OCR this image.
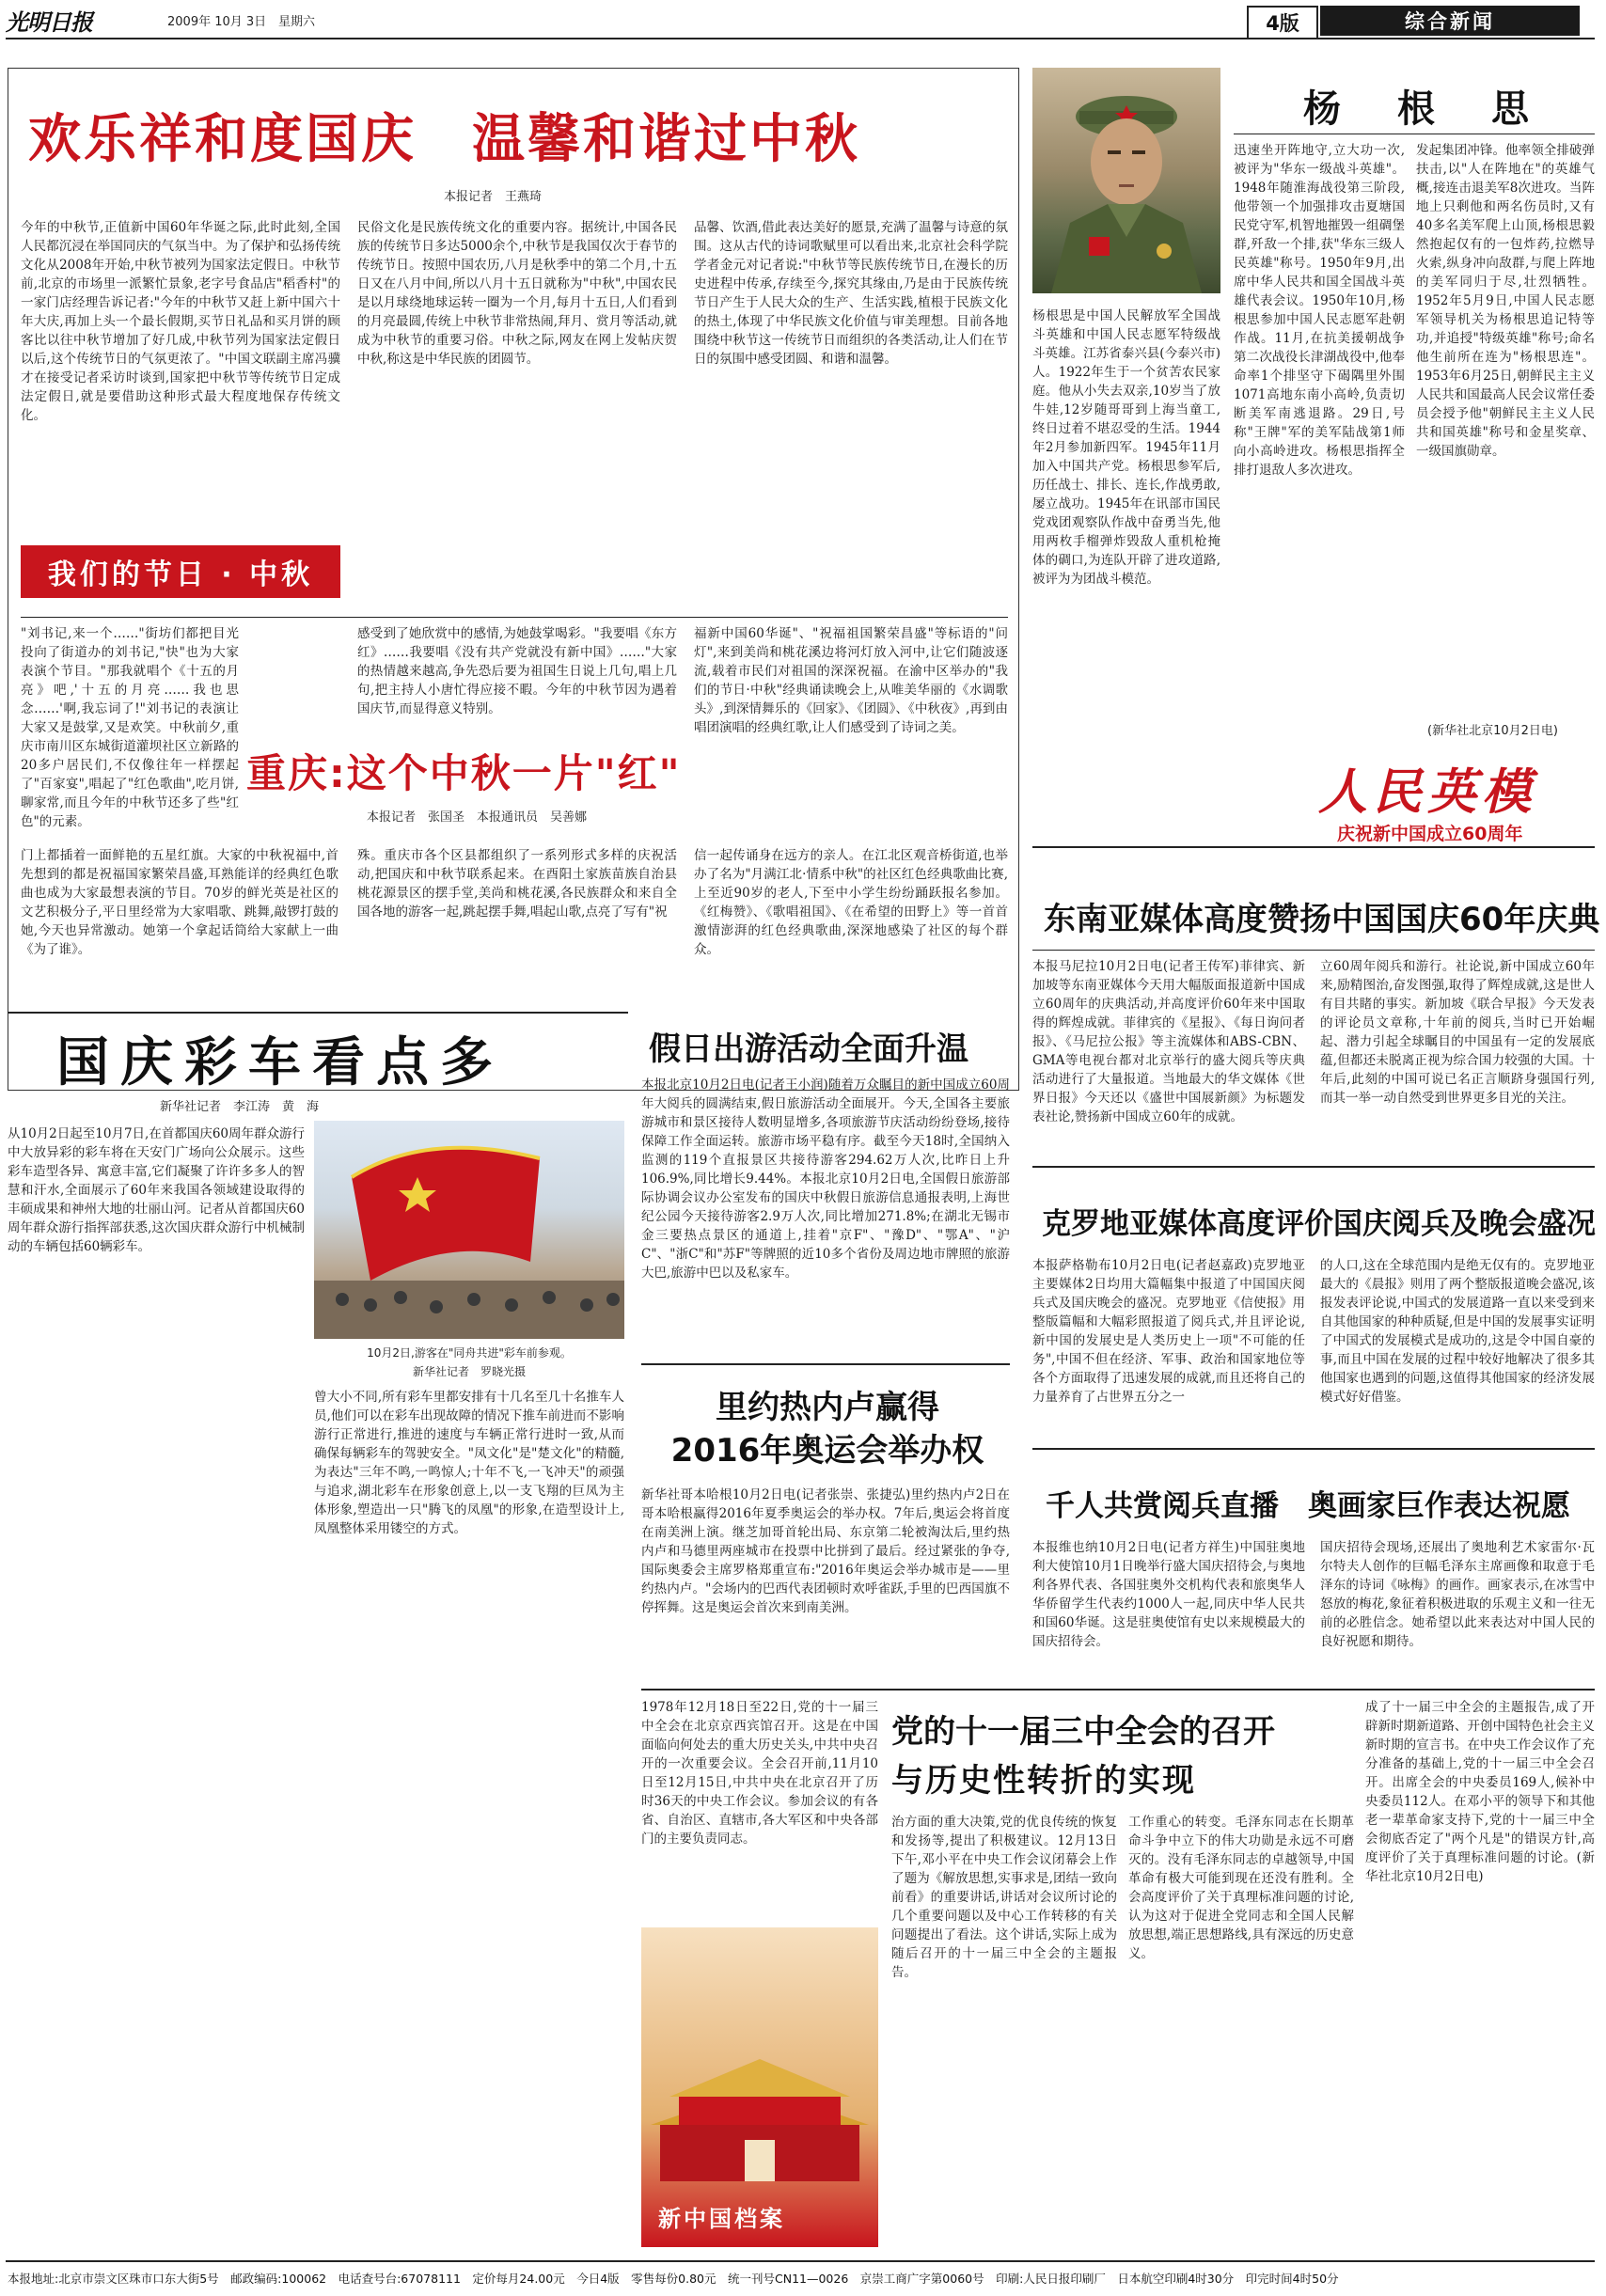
光明日报	2009年 10月 3日 星期六	4版	综合新闻
欢乐祥和度国庆　温馨和谐过中秋
本报记者　王燕琦
今年的中秋节,正值新中国60年华诞之际,此时此刻,全国人民都沉浸在举国同庆的气氛当中。为了保护和弘扬传统文化从2008年开始,中秋节被列为国家法定假日。中秋节前,北京的市场里一派繁忙景象,老字号食品店"稻香村"的一家门店经理告诉记者:"今年的中秋节又赶上新中国六十年大庆,再加上头一个最长假期,买节日礼品和买月饼的顾客比以往中秋节增加了好几成,中秋节列为国家法定假日以后,这个传统节日的气氛更浓了。"中国文联副主席冯骥才在接受记者采访时谈到,国家把中秋节等传统节日定成法定假日,就是要借助这种形式最大程度地保存传统文化。
民俗文化是民族传统文化的重要内容。据统计,中国各民族的传统节日多达5000余个,中秋节是我国仅次于春节的传统节日。按照中国农历,八月是秋季中的第二个月,十五日又在八月中间,所以八月十五日就称为"中秋",中国农民是以月球绕地球运转一圈为一个月,每月十五日,人们看到的月亮最圆,传统上中秋节非常热闹,拜月、赏月等活动,就成为中秋节的重要习俗。中秋之际,网友在网上发帖庆贺中秋,称这是中华民族的团圆节。
品馨、饮酒,借此表达美好的愿景,充满了温馨与诗意的氛围。这从古代的诗词歌赋里可以看出来,北京社会科学院学者金元对记者说:"中秋节等民族传统节日,在漫长的历史进程中传承,存续至今,探究其缘由,乃是由于民族传统节日产生于人民大众的生产、生活实践,植根于民族文化的热土,体现了中华民族文化价值与审美理想。目前各地围绕中秋节这一传统节日而组织的各类活动,让人们在节日的氛围中感受团圆、和谐和温馨。
我们的节日 · 中秋
"刘书记,来一个……"街坊们都把目光投向了街道办的刘书记,"快"也为大家表演个节目。"那我就唱个《十五的月亮》吧,'十五的月亮……我也思念……'啊,我忘词了!"刘书记的表演让大家又是鼓掌,又是欢笑。中秋前夕,重庆市南川区东城街道灌坝社区立新路的20多户居民们,不仅像往年一样摆起了"百家宴",唱起了"红色歌曲",吃月饼,聊家常,而且今年的中秋节还多了些"红色"的元素。
感受到了她欣赏中的感情,为她鼓掌喝彩。"我要唱《东方红》……我要唱《没有共产党就没有新中国》……"大家的热情越来越高,争先恐后要为祖国生日说上几句,唱上几句,把主持人小唐忙得应接不暇。今年的中秋节因为遇着国庆节,而显得意义特别。
福新中国60华诞"、"祝福祖国繁荣昌盛"等标语的"问灯",来到美尚和桃花溪边将河灯放入河中,让它们随波逐流,载着市民们对祖国的深深祝福。在渝中区举办的"我们的节日·中秋"经典诵读晚会上,从唯美华丽的《水调歌头》,到深情舞乐的《回家》、《团圆》、《中秋夜》,再到由唱团演唱的经典红歌,让人们感受到了诗词之美。
重庆:这个中秋一片"红"
本报记者　张国圣　本报通讯员　吴善娜
门上都插着一面鲜艳的五星红旗。大家的中秋祝福中,首先想到的都是祝福国家繁荣昌盛,耳熟能详的经典红色歌曲也成为大家最想表演的节目。70岁的鲜光英是社区的文艺积极分子,平日里经常为大家唱歌、跳舞,敲锣打鼓的她,今天也异常激动。她第一个拿起话筒给大家献上一曲《为了谁》。
殊。重庆市各个区县都组织了一系列形式多样的庆祝活动,把国庆和中秋节联系起来。在酉阳土家族苗族自治县桃花源景区的摆手堂,美尚和桃花溪,各民族群众和来自全国各地的游客一起,跳起摆手舞,唱起山歌,点亮了写有"祝
信一起传诵身在远方的亲人。在江北区观音桥街道,也举办了名为"月满江北·情系中秋"的社区红色经典歌曲比赛,上至近90岁的老人,下至中小学生纷纷踊跃报名参加。《红梅赞》、《歌唱祖国》、《在希望的田野上》等一首首激情澎湃的红色经典歌曲,深深地感染了社区的每个群众。
杨　根　思
迅速坐开阵地守,立大功一次,被评为"华东一级战斗英雄"。1948年随淮海战役第三阶段,他带领一个加强排攻击夏塘国民党守军,机智地摧毁一组碉堡群,歼敌一个排,获"华东三级人民英雄"称号。1950年9月,出席中华人民共和国全国战斗英雄代表会议。1950年10月,杨根思参加中国人民志愿军赴朝作战。11月,在抗美援朝战争第二次战役长津湖战役中,他奉命率1个排坚守下碣隅里外围1071高地东南小高岭,负责切断美军南逃退路。29日,号称"王牌"军的美军陆战第1师向小高岭进攻。杨根思指挥全排打退敌人多次进攻。
发起集团冲锋。他率领全排破弹扶击,以"人在阵地在"的英雄气概,接连击退美军8次进攻。当阵地上只剩他和两名伤员时,又有40多名美军爬上山顶,杨根思毅然抱起仅有的一包炸药,拉燃导火索,纵身冲向敌群,与爬上阵地的美军同归于尽,壮烈牺牲。1952年5月9日,中国人民志愿军领导机关为杨根思追记特等功,并追授"特级英雄"称号;命名他生前所在连为"杨根思连"。1953年6月25日,朝鲜民主主义人民共和国最高人民会议常任委员会授予他"朝鲜民主主义人民共和国英雄"称号和金星奖章、一级国旗勋章。
杨根思是中国人民解放军全国战斗英雄和中国人民志愿军特级战斗英雄。江苏省泰兴县(今泰兴市)人。1922年生于一个贫苦农民家庭。他从小失去双亲,10岁当了放牛娃,12岁随哥哥到上海当童工,终日过着不堪忍受的生活。1944年2月参加新四军。1945年11月加入中国共产党。杨根思参军后,历任战士、排长、连长,作战勇敢,屡立战功。1945年在讯部市国民党戏团观察队作战中奋勇当先,他用两枚手榴弹炸毁敌人重机枪掩体的碉口,为连队开辟了进攻道路,被评为为团战斗模范。
(新华社北京10月2日电)
人民英模
庆祝新中国成立60周年
东南亚媒体高度赞扬中国国庆60年庆典
本报马尼拉10月2日电(记者王传军)菲律宾、新加坡等东南亚媒体今天用大幅版面报道新中国成立60周年的庆典活动,并高度评价60年来中国取得的辉煌成就。菲律宾的《星报》、《每日询问者报》、《马尼拉公报》等主流媒体和ABS-CBN、GMA等电视台都对北京举行的盛大阅兵等庆典活动进行了大量报道。当地最大的华文媒体《世界日报》今天还以《盛世中国展新颜》为标题发表社论,赞扬新中国成立60年的成就。
立60周年阅兵和游行。社论说,新中国成立60年来,励精图治,奋发图强,取得了辉煌成就,这是世人有目共睹的事实。新加坡《联合早报》今天发表的评论员文章称,十年前的阅兵,当时已开始崛起、潜力引起全球瞩目的中国虽有一定的发展底蕴,但都还未脱离正视为综合国力较强的大国。十年后,此刻的中国可说已名正言顺跻身强国行列,而其一举一动自然受到世界更多目光的关注。
克罗地亚媒体高度评价国庆阅兵及晚会盛况
本报萨格勒布10月2日电(记者赵嘉政)克罗地亚主要媒体2日均用大篇幅集中报道了中国国庆阅兵式及国庆晚会的盛况。克罗地亚《信使报》用整版篇幅和大幅彩照报道了阅兵式,并且评论说,新中国的发展史是人类历史上一项"不可能的任务",中国不但在经济、军事、政治和国家地位等各个方面取得了迅速发展的成就,而且还将自己的力量养育了占世界五分之一
的人口,这在全球范围内是绝无仅有的。克罗地亚最大的《晨报》则用了两个整版报道晚会盛况,该报发表评论说,中国式的发展道路一直以来受到来自其他国家的种种质疑,但是中国的发展事实证明了中国式的发展模式是成功的,这是令中国自豪的事,而且中国在发展的过程中较好地解决了很多其他国家也遇到的问题,这值得其他国家的经济发展模式好好借鉴。
千人共赏阅兵直播　奥画家巨作表达祝愿
本报维也纳10月2日电(记者方祥生)中国驻奥地利大使馆10月1日晚举行盛大国庆招待会,与奥地利各界代表、各国驻奥外交机构代表和旅奥华人华侨留学生代表约1000人一起,同庆中华人民共和国60华诞。这是驻奥使馆有史以来规模最大的国庆招待会。
国庆招待会现场,还展出了奥地利艺术家雷尔·瓦尔特夫人创作的巨幅毛泽东主席画像和取意于毛泽东的诗词《咏梅》的画作。画家表示,在冰雪中怒放的梅花,象征着积极进取的乐观主义和一往无前的必胜信念。她希望以此来表达对中国人民的良好祝愿和期待。
国庆彩车看点多
新华社记者　李江涛　黄　海
从10月2日起至10月7日,在首都国庆60周年群众游行中大放异彩的彩车将在天安门广场向公众展示。这些彩车造型各异、寓意丰富,它们凝聚了许许多多人的智慧和汗水,全面展示了60年来我国各领域建设取得的丰硕成果和神州大地的壮丽山河。记者从首都国庆60周年群众游行指挥部获悉,这次国庆群众游行中机械制动的车辆包括60辆彩车。
10月2日,游客在"同舟共进"彩车前参观。
新华社记者　罗晓光摄
曾大小不同,所有彩车里都安排有十几名至几十名推车人员,他们可以在彩车出现故障的情况下推车前进而不影响游行正常进行,推进的速度与车辆正常行进时一致,从而确保每辆彩车的驾驶安全。"凤文化"是"楚文化"的精髓,为表达"三年不鸣,一鸣惊人;十年不飞,一飞冲天"的顽强与追求,湖北彩车在形象创意上,以一支飞翔的巨凤为主体形象,塑造出一只"腾飞的凤凰"的形象,在造型设计上,凤凰整体采用镂空的方式。
假日出游活动全面升温
本报北京10月2日电(记者王小润)随着万众瞩目的新中国成立60周年大阅兵的圆满结束,假日旅游活动全面展开。今天,全国各主要旅游城市和景区接待人数明显增多,各项旅游节庆活动纷纷登场,接待保障工作全面运转。旅游市场平稳有序。截至今天18时,全国纳入监测的119个直报景区共接待游客294.62万人次,比昨日上升106.9%,同比增长9.44%。本报北京10月2日电,全国假日旅游部际协调会议办公室发布的国庆中秋假日旅游信息通报表明,上海世纪公园今天接待游客2.9万人次,同比增加271.8%;在湖北无锡市金三要热点景区的通道上,挂着"京F"、"豫D"、"鄂A"、"沪C"、"浙C"和"苏F"等牌照的近10多个省份及周边地市牌照的旅游大巴,旅游中巴以及私家车。
里约热内卢赢得
2016年奥运会举办权
新华社哥本哈根10月2日电(记者张崇、张捷弘)里约热内卢2日在哥本哈根赢得2016年夏季奥运会的举办权。7年后,奥运会将首度在南美洲上演。继芝加哥首轮出局、东京第二轮被淘汰后,里约热内卢和马德里两座城市在投票中比拼到了最后。经过紧张的争夺,国际奥委会主席罗格郑重宣布:"2016年奥运会举办城市是——里约热内卢。"会场内的巴西代表团顿时欢呼雀跃,手里的巴西国旗不停挥舞。这是奥运会首次来到南美洲。
1978年12月18日至22日,党的十一届三中全会在北京京西宾馆召开。这是在中国面临向何处去的重大历史关头,中共中央召开的一次重要会议。全会召开前,11月10日至12月15日,中共中央在北京召开了历时36天的中央工作会议。参加会议的有各省、自治区、直辖市,各大军区和中央各部门的主要负责同志。
党的十一届三中全会的召开
与历史性转折的实现
治方面的重大决策,党的优良传统的恢复和发扬等,提出了积极建议。12月13日下午,邓小平在中央工作会议闭幕会上作了题为《解放思想,实事求是,团结一致向前看》的重要讲话,讲话对会议所讨论的几个重要问题以及中心工作转移的有关问题提出了看法。这个讲话,实际上成为随后召开的十一届三中全会的主题报告。
工作重心的转变。毛泽东同志在长期革命斗争中立下的伟大功勋是永远不可磨灭的。没有毛泽东同志的卓越领导,中国革命有极大可能到现在还没有胜利。全会高度评价了关于真理标准问题的讨论,认为这对于促进全党同志和全国人民解放思想,端正思想路线,具有深远的历史意义。
成了十一届三中全会的主题报告,成了开辟新时期新道路、开创中国特色社会主义新时期的宣言书。在中央工作会议作了充分准备的基础上,党的十一届三中全会召开。出席全会的中央委员169人,候补中央委员112人。在邓小平的领导下和其他老一辈革命家支持下,党的十一届三中全会彻底否定了"两个凡是"的错误方针,高度评价了关于真理标准问题的讨论。(新华社北京10月2日电)
新中国档案
本报地址:北京市崇文区珠市口东大街5号　邮政编码:100062　电话查号台:67078111　定价每月24.00元　今日4版　零售每份0.80元　统一刊号CN11—0026　京崇工商广字第0060号　印刷:人民日报印刷厂　日本航空印刷4时30分　印完时间4时50分
